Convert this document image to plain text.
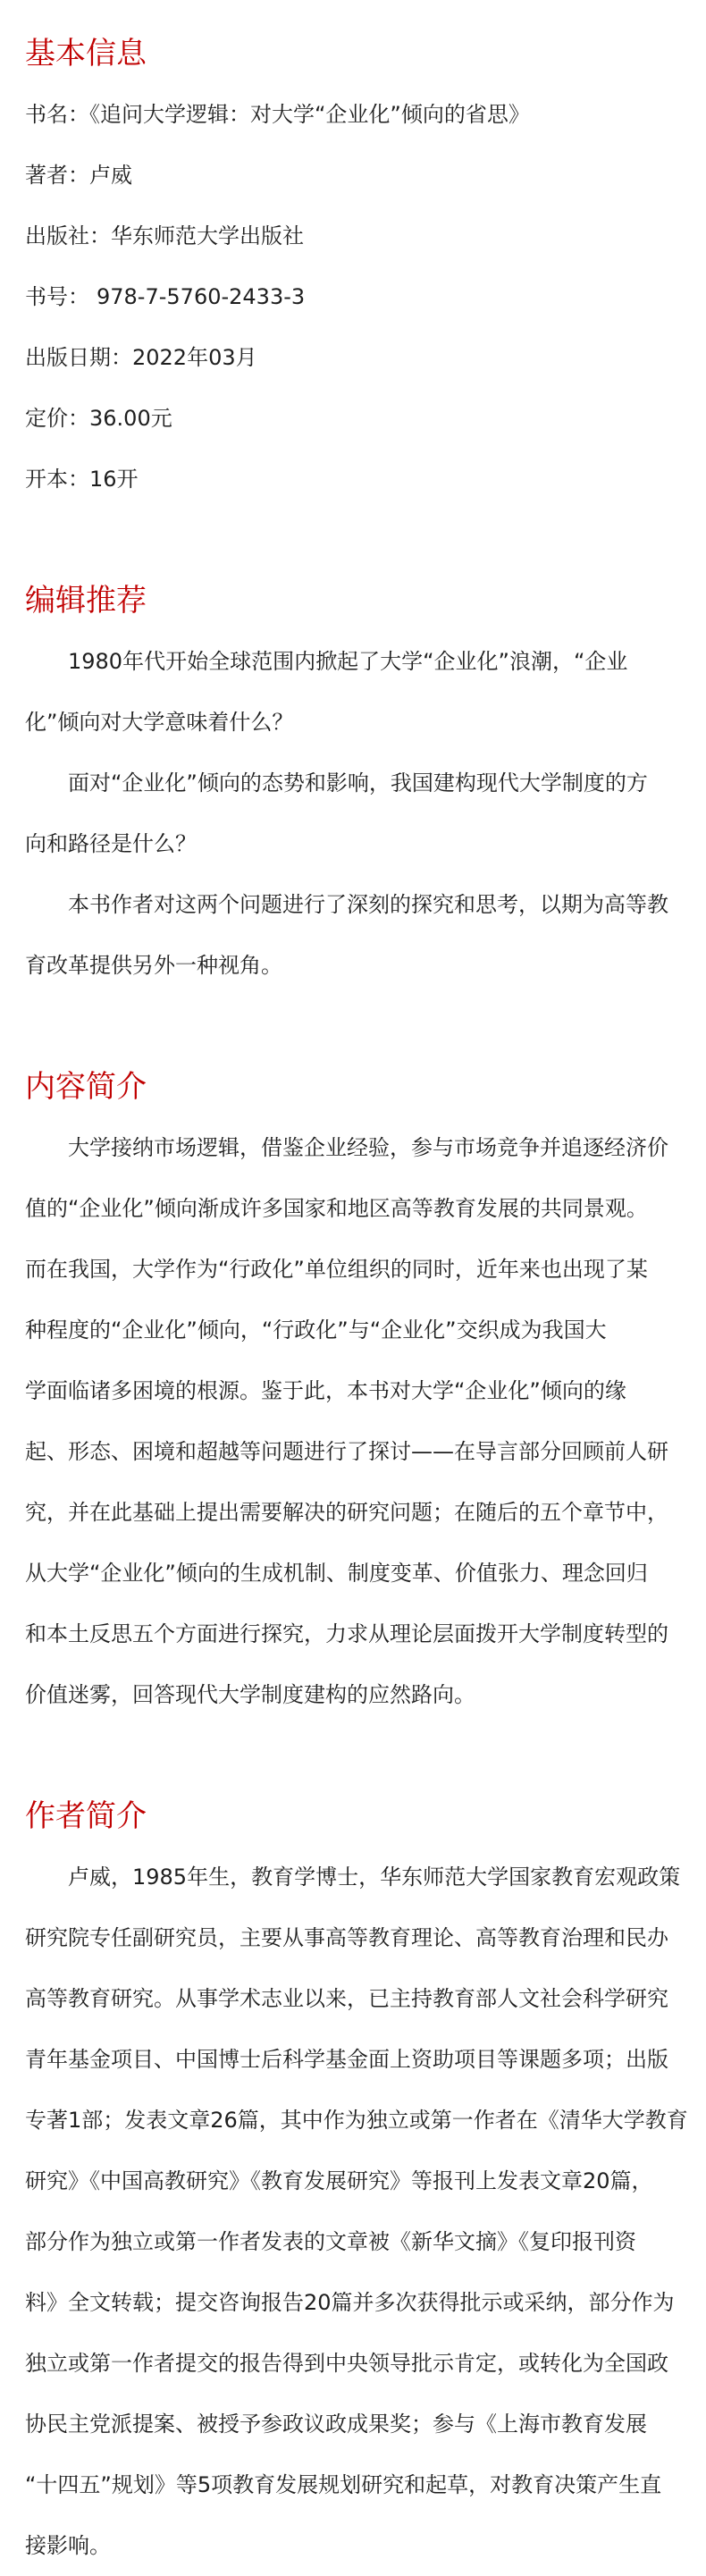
基本信息

书名：《追问大学逻辑：对大学“企业化”倾向的省思》

著者：卢威

出版社：华东师范大学出版社

书号： 978-7-5760-2433-3

出版日期：2022年03月

定价：36.00元

开本：16开

编辑推荐

1980年代开始全球范围内掀起了大学“企业化”浪潮，“企业

化”倾向对大学意味着什么？

面对“企业化”倾向的态势和影响，我国建构现代大学制度的方

向和路径是什么？

本书作者对这两个问题进行了深刻的探究和思考，以期为高等教

育改革提供另外一种视角。

内容简介

大学接纳市场逻辑，借鉴企业经验，参与市场竞争并追逐经济价

值的“企业化”倾向渐成许多国家和地区高等教育发展的共同景观。

而在我国，大学作为“行政化”单位组织的同时，近年来也出现了某

种程度的“企业化”倾向，“行政化”与“企业化”交织成为我国大

学面临诸多困境的根源。鉴于此，本书对大学“企业化”倾向的缘

起、形态、困境和超越等问题进行了探讨——在导言部分回顾前人研

究，并在此基础上提出需要解决的研究问题；在随后的五个章节中，

从大学“企业化”倾向的生成机制、制度变革、价值张力、理念回归

和本土反思五个方面进行探究，力求从理论层面拨开大学制度转型的

价值迷雾，回答现代大学制度建构的应然路向。

作者简介

卢威，1985年生，教育学博士，华东师范大学国家教育宏观政策

研究院专任副研究员，主要从事高等教育理论、高等教育治理和民办

高等教育研究。从事学术志业以来，已主持教育部人文社会科学研究

青年基金项目、中国博士后科学基金面上资助项目等课题多项；出版

专著1部；发表文章26篇，其中作为独立或第一作者在《清华大学教育

研究》《中国高教研究》《教育发展研究》等报刊上发表文章20篇，

部分作为独立或第一作者发表的文章被《新华文摘》《复印报刊资

料》全文转载；提交咨询报告20篇并多次获得批示或采纳，部分作为

独立或第一作者提交的报告得到中央领导批示肯定，或转化为全国政

协民主党派提案、被授予参政议政成果奖；参与《上海市教育发展

“十四五”规划》等5项教育发展规划研究和起草，对教育决策产生直

接影响。
